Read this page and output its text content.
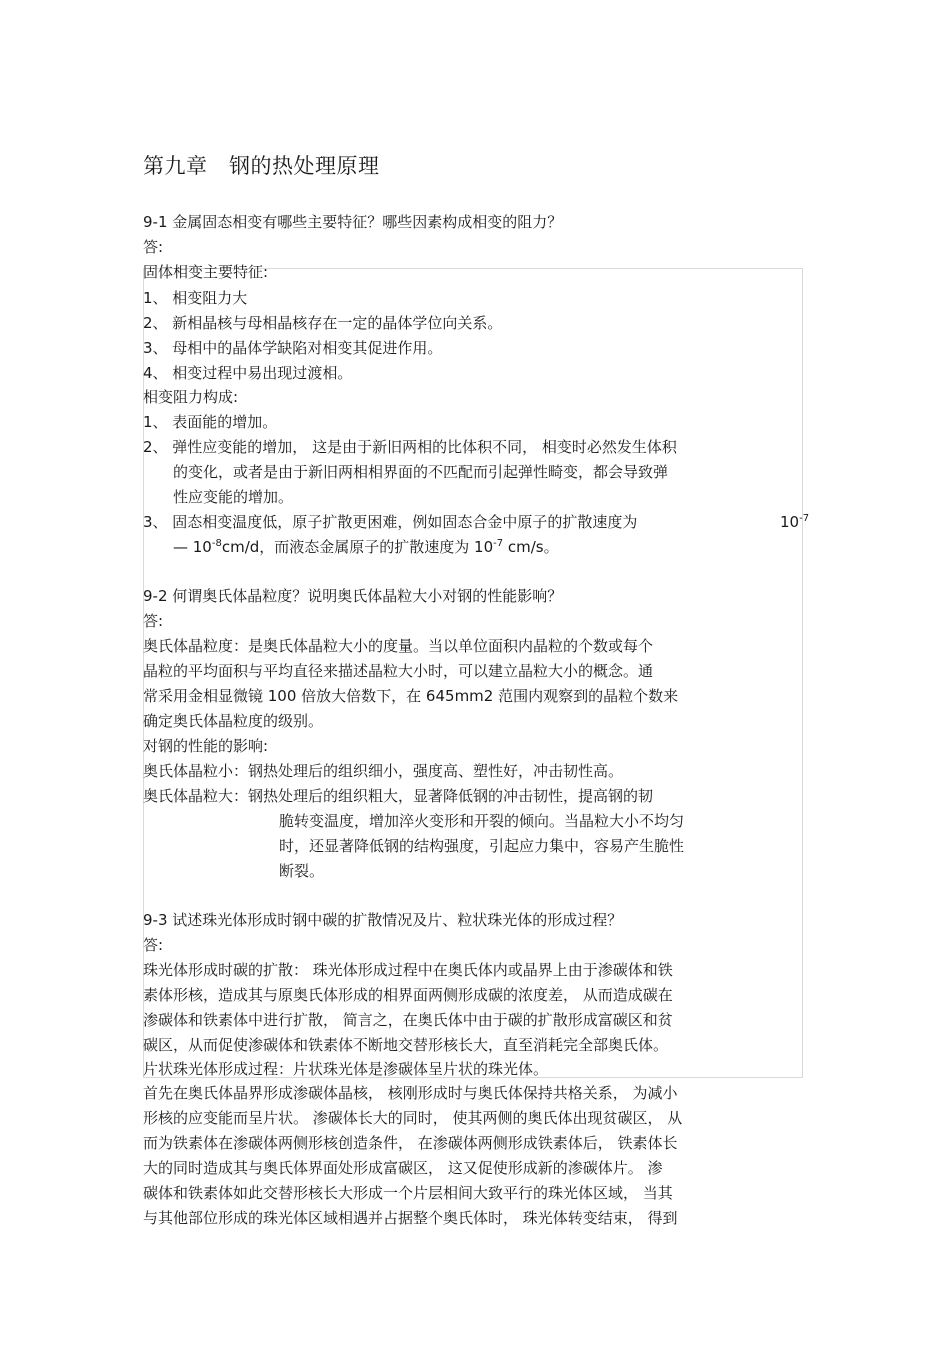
第九章　钢的热处理原理
9-1 金属固态相变有哪些主要特征？哪些因素构成相变的阻力？
答:
固体相变主要特征:
1、 相变阻力大
2、 新相晶核与母相晶核存在一定的晶体学位向关系。
3、 母相中的晶体学缺陷对相变其促进作用。
4、 相变过程中易出现过渡相。
相变阻力构成:
1、 表面能的增加。
2、 弹性应变能的增加， 这是由于新旧两相的比体积不同， 相变时必然发生体积
的变化，或者是由于新旧两相相界面的不匹配而引起弹性畸变，都会导致弹
性应变能的增加。
3、 固态相变温度低，原子扩散更困难，例如固态合金中原子的扩散速度为	$10^{-7}$
— $10^{-8}cm/d$，而液态金属原子的扩散速度为 $10^{-7}$ cm/s。
9-2 何谓奥氏体晶粒度？说明奥氏体晶粒大小对钢的性能影响？
答:
奥氏体晶粒度：是奥氏体晶粒大小的度量。当以单位面积内晶粒的个数或每个
晶粒的平均面积与平均直径来描述晶粒大小时，可以建立晶粒大小的概念。通
常采用金相显微镜 100 倍放大倍数下，在 645mm2 范围内观察到的晶粒个数来
确定奥氏体晶粒度的级别。
对钢的性能的影响:
奥氏体晶粒小：钢热处理后的组织细小，强度高、塑性好，冲击韧性高。
奥氏体晶粒大：钢热处理后的组织粗大，显著降低钢的冲击韧性，提高钢的韧
脆转变温度，增加淬火变形和开裂的倾向。当晶粒大小不均匀
时，还显著降低钢的结构强度，引起应力集中，容易产生脆性
断裂。
9-3 试述珠光体形成时钢中碳的扩散情况及片、粒状珠光体的形成过程？
答:
珠光体形成时碳的扩散： 珠光体形成过程中在奥氏体内或晶界上由于渗碳体和铁
素体形核，造成其与原奥氏体形成的相界面两侧形成碳的浓度差， 从而造成碳在
渗碳体和铁素体中进行扩散， 简言之，在奥氏体中由于碳的扩散形成富碳区和贫
碳区，从而促使渗碳体和铁素体不断地交替形核长大，直至消耗完全部奥氏体。
片状珠光体形成过程：片状珠光体是渗碳体呈片状的珠光体。
首先在奥氏体晶界形成渗碳体晶核， 核刚形成时与奥氏体保持共格关系， 为减小
形核的应变能而呈片状。 渗碳体长大的同时， 使其两侧的奥氏体出现贫碳区， 从
而为铁素体在渗碳体两侧形核创造条件， 在渗碳体两侧形成铁素体后， 铁素体长
大的同时造成其与奥氏体界面处形成富碳区， 这又促使形成新的渗碳体片。 渗
碳体和铁素体如此交替形核长大形成一个片层相间大致平行的珠光体区域， 当其
与其他部位形成的珠光体区域相遇并占据整个奥氏体时， 珠光体转变结束， 得到
